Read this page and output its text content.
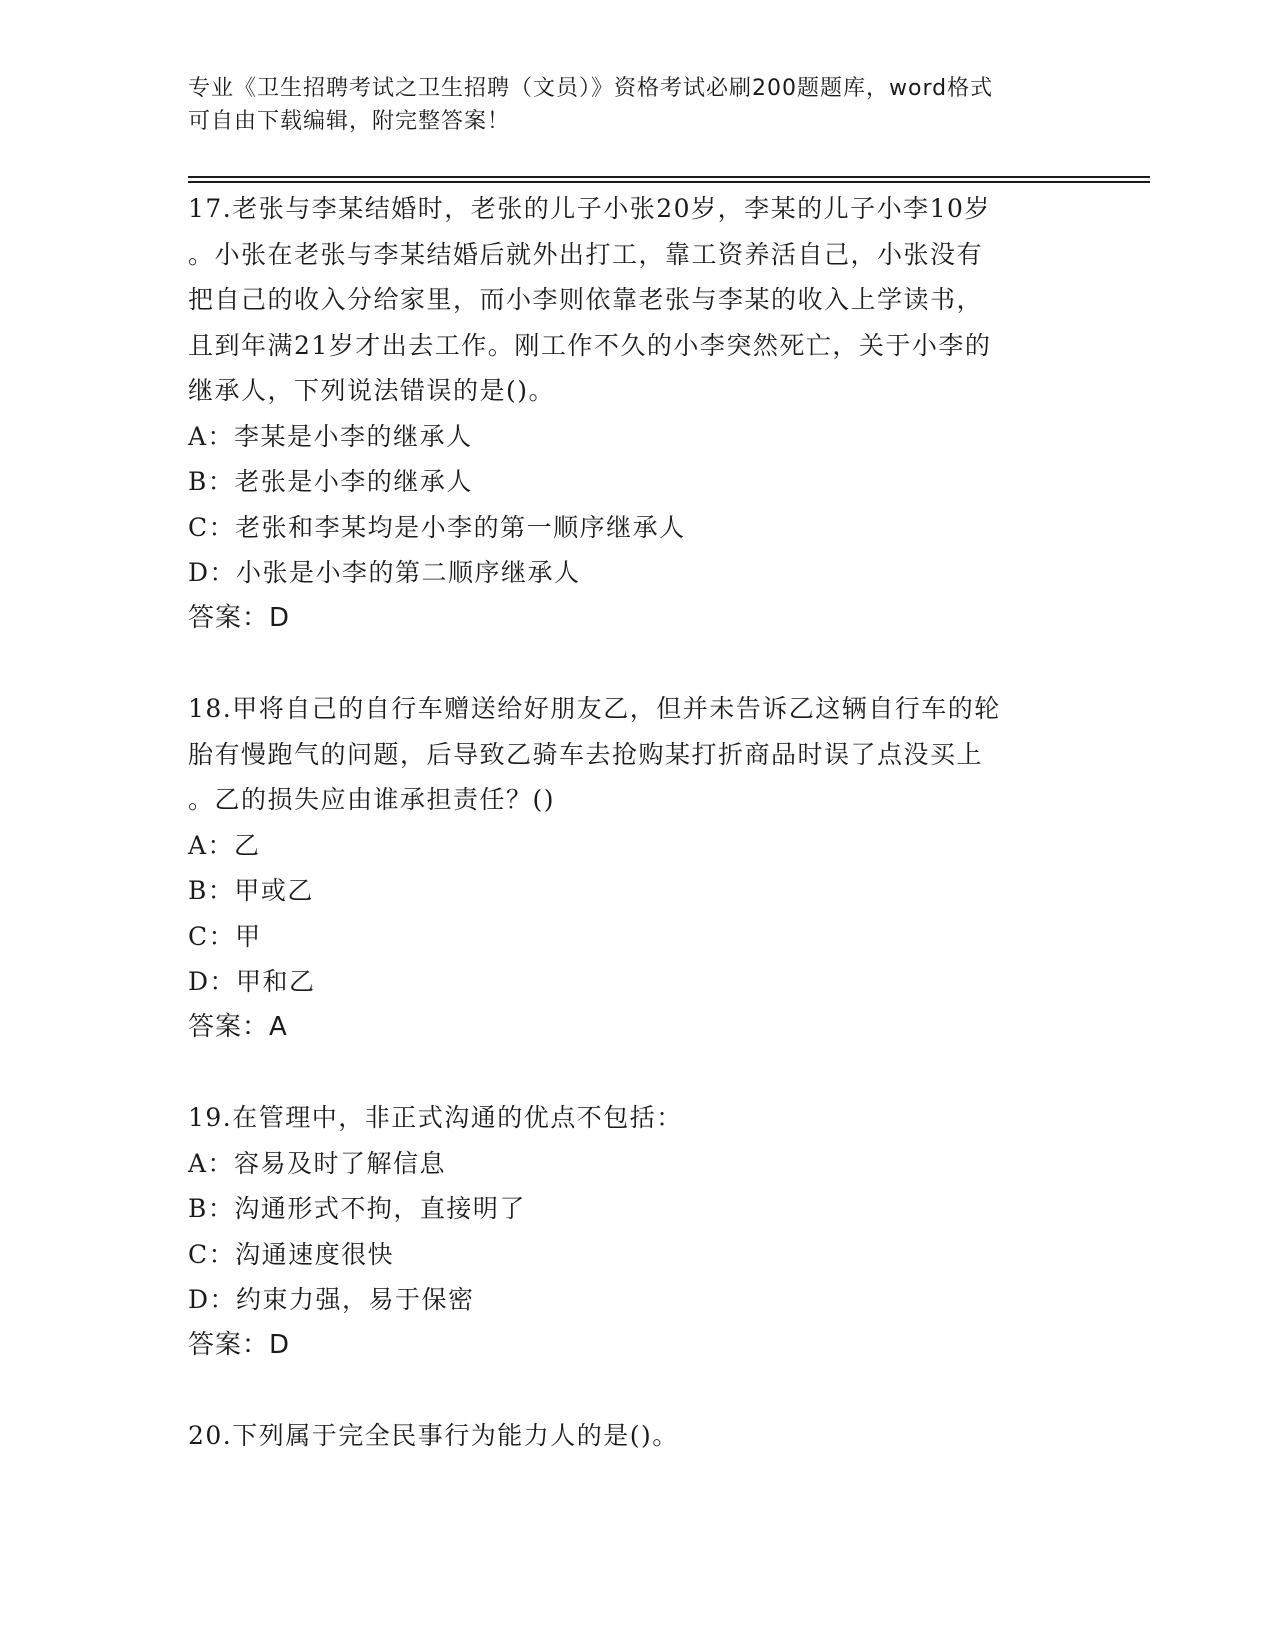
专业《卫生招聘考试之卫生招聘（文员）》资格考试必刷200题题库，word格式
可自由下载编辑，附完整答案！
17.老张与李某结婚时，老张的儿子小张20岁，李某的儿子小李10岁
。小张在老张与李某结婚后就外出打工，靠工资养活自己，小张没有
把自己的收入分给家里，而小李则依靠老张与李某的收入上学读书，
且到年满21岁才出去工作。刚工作不久的小李突然死亡，关于小李的
继承人，下列说法错误的是()。
A：李某是小李的继承人
B：老张是小李的继承人
C：老张和李某均是小李的第一顺序继承人
D：小张是小李的第二顺序继承人
答案：D
18.甲将自己的自行车赠送给好朋友乙，但并未告诉乙这辆自行车的轮
胎有慢跑气的问题，后导致乙骑车去抢购某打折商品时误了点没买上
。乙的损失应由谁承担责任？()
A：乙
B：甲或乙
C：甲
D：甲和乙
答案：A
19.在管理中，非正式沟通的优点不包括：
A：容易及时了解信息
B：沟通形式不拘，直接明了
C：沟通速度很快
D：约束力强，易于保密
答案：D
20.下列属于完全民事行为能力人的是()。
